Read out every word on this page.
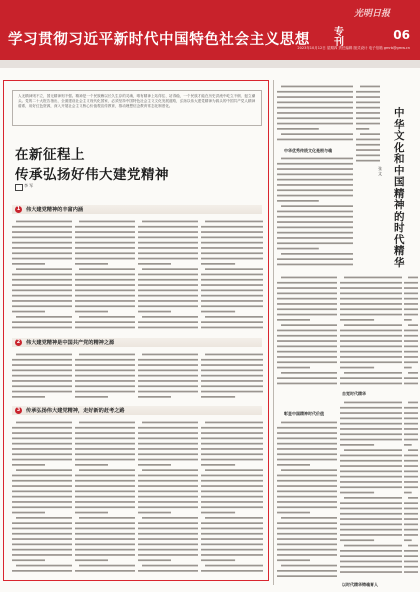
光明日报
学习贯彻习近平新时代中国特色社会主义思想 专刊
06
2023年10月12日 星期四 责任编辑 版式设计 电子信箱 gmrb@gmw.cn
人无精神则不立，国无精神则不强。精神是一个民族赖以长久生存的灵魂，唯有精神上站得住、站得稳，一个民族才能在历史洪流中屹立不倒、挺立潮头。党的二十大报告指出，全面建设社会主义现代化国家，必须坚持中国特色社会主义文化发展道路，弘扬以伟大建党精神为源头的中国共产党人精神谱系，用好红色资源，深入开展社会主义核心价值观宣传教育，推动理想信念教育常态化制度化。
在新征程上
传承弘扬好伟大建党精神
李 军
1	伟大建党精神的丰富内涵
2	伟大建党精神是中国共产党的精神之源
3	传承弘扬伟大建党精神，走好新的赶考之路
中华优秀传统文化是根与魂
中华文化和中国精神的时代精华
张 文
自觉时代精华
彰显中国精神时代价值
以时代精华铸魂育人
